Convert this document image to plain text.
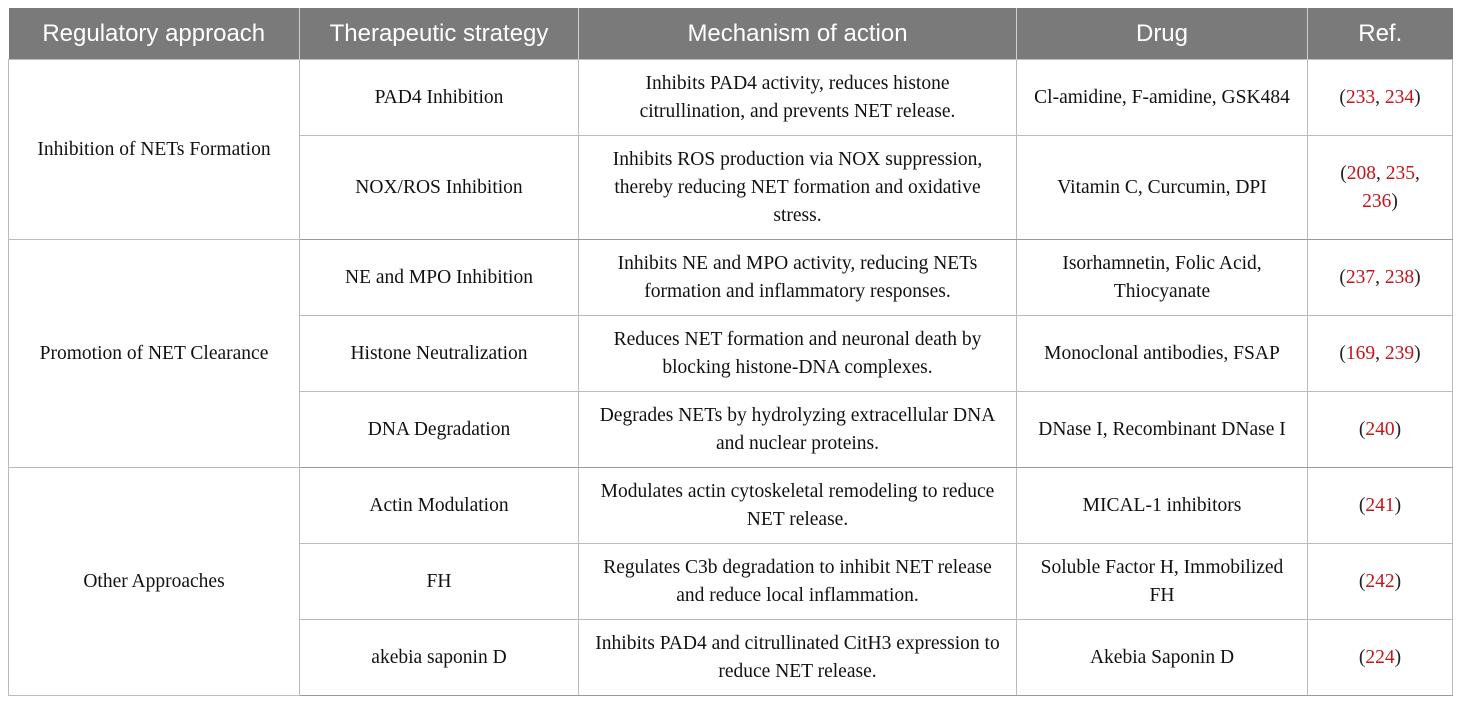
Regulatory approach	Therapeutic strategy	Mechanism of action	Drug	Ref.
Inhibition of NETs Formation	PAD4 Inhibition	Inhibits PAD4 activity, reduces histone citrullination, and prevents NET release.	Cl-amidine, F-amidine, GSK484	(233, 234)
	NOX/ROS Inhibition	Inhibits ROS production via NOX suppression, thereby reducing NET formation and oxidative stress.	Vitamin C, Curcumin, DPI	(208, 235,
236)
Promotion of NET Clearance	NE and MPO Inhibition	Inhibits NE and MPO activity, reducing NETs formation and inflammatory responses.	Isorhamnetin, Folic Acid, Thiocyanate	(237, 238)
	Histone Neutralization	Reduces NET formation and neuronal death by blocking histone-DNA complexes.	Monoclonal antibodies, FSAP	(169, 239)
	DNA Degradation	Degrades NETs by hydrolyzing extracellular DNA and nuclear proteins.	DNase I, Recombinant DNase I	(240)
Other Approaches	Actin Modulation	Modulates actin cytoskeletal remodeling to reduce NET release.	MICAL-1 inhibitors	(241)
	FH	Regulates C3b degradation to inhibit NET release and reduce local inflammation.	Soluble Factor H, Immobilized FH	(242)
	akebia saponin D	Inhibits PAD4 and citrullinated CitH3 expression to reduce NET release.	Akebia Saponin D	(224)
